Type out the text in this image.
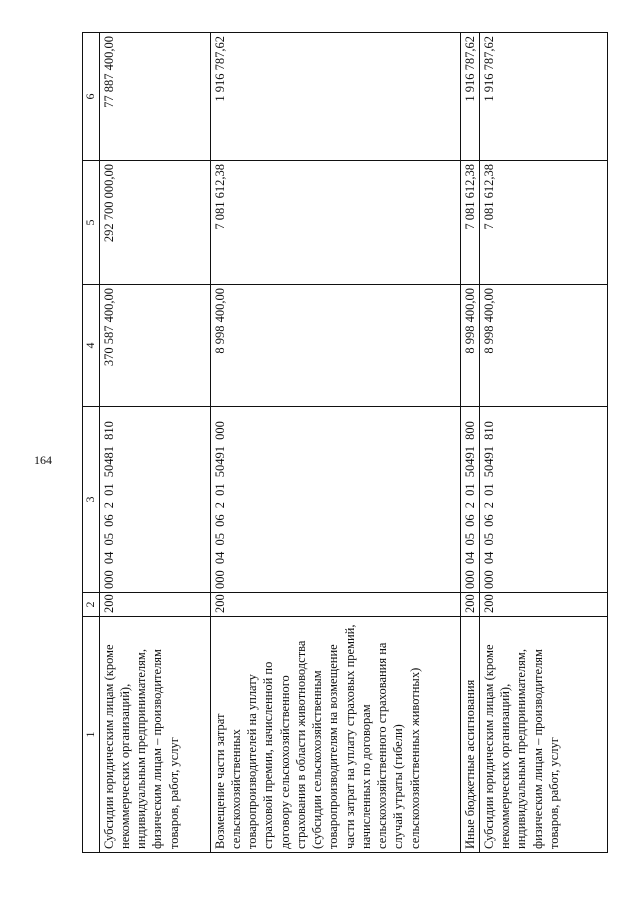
164
1	2	3	4	5	6
Субсидии юридическим лицам (кроме некоммерческих организаций), индивидуальным предпринимателям, физическим лицам – производителям товаров, работ, услуг	200	000 04 05 06 2 01 50481 810	370 587 400,00	292 700 000,00	77 887 400,00
Возмещение части затрат сельскохозяйственных товаропроизводителей на уплату страховой премии, начисленной по договору сельскохозяйственного страхования в области животноводства (субсидии сельскохозяйственным товаропроизводителям на возмещение части затрат на уплату страховых премий, начисленных по договорам сельскохозяйственного страхования на случай утраты (гибели) сельскохозяйственных животных)	200	000 04 05 06 2 01 50491 000	8 998 400,00	7 081 612,38	1 916 787,62
Иные бюджетные ассигнования	200	000 04 05 06 2 01 50491 800	8 998 400,00	7 081 612,38	1 916 787,62
Субсидии юридическим лицам (кроме некоммерческих организаций), индивидуальным предпринимателям, физическим лицам – производителям товаров, работ, услуг	200	000 04 05 06 2 01 50491 810	8 998 400,00	7 081 612,38	1 916 787,62
